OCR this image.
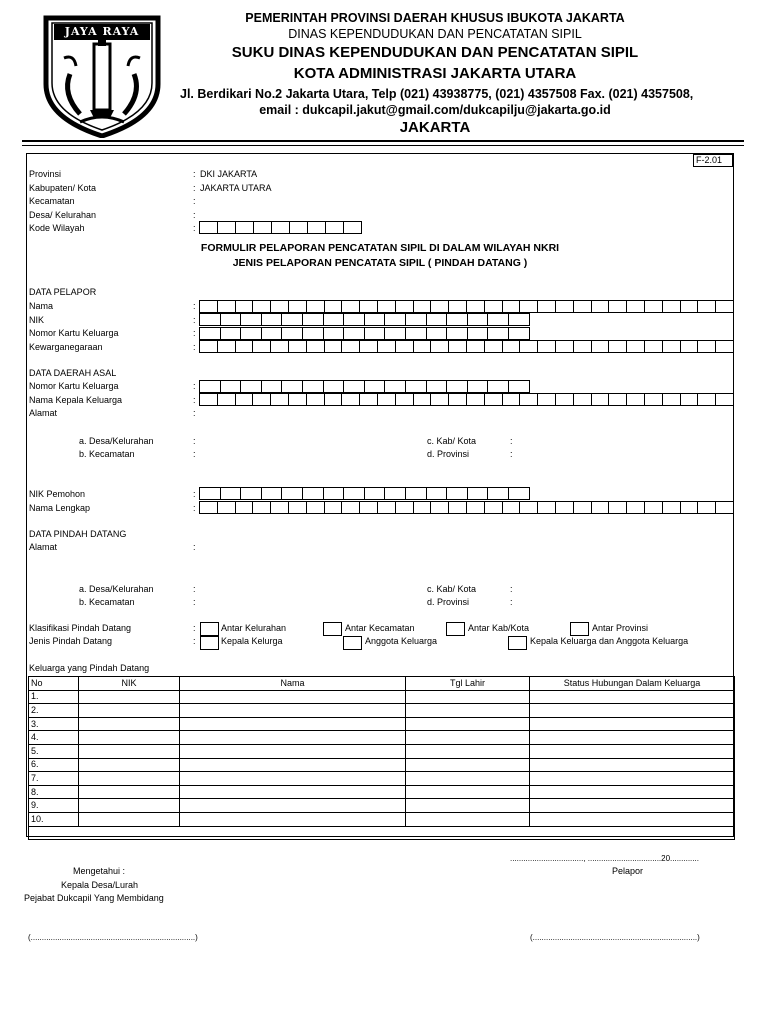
JAYA RAYA
PEMERINTAH PROVINSI DAERAH KHUSUS IBUKOTA JAKARTA
DINAS KEPENDUDUKAN DAN PENCATATAN SIPIL
SUKU DINAS KEPENDUDUKAN DAN PENCATATAN SIPIL
KOTA ADMINISTRASI JAKARTA UTARA
Jl. Berdikari No.2 Jakarta Utara, Telp (021) 43938775, (021) 4357508 Fax. (021) 4357508,
email : dukcapil.jakut@gmail.com/dukcapilju@jakarta.go.id
JAKARTA
F-2.01
Provinsi	: DKI JAKARTA
Kabupaten/ Kota	: JAKARTA UTARA
Kecamatan	:
Desa/ Kelurahan	:
Kode Wilayah	:
FORMULIR PELAPORAN PENCATATAN SIPIL DI DALAM WILAYAH NKRI
JENIS PELAPORAN PENCATATA SIPIL ( PINDAH DATANG )
DATA PELAPOR
Nama	:
NIK	:
Nomor Kartu Keluarga	:
Kewarganegaraan	:
DATA DAERAH ASAL
Nomor Kartu Keluarga	:
Nama Kepala Keluarga	:
Alamat	:
a. Desa/Kelurahan	:	c. Kab/ Kota	:
b. Kecamatan	:	d. Provinsi	:
NIK Pemohon	:
Nama Lengkap	:
DATA PINDAH DATANG
Alamat	:
a. Desa/Kelurahan	:	c. Kab/ Kota	:
b. Kecamatan	:	d. Provinsi	:
Klasifikasi Pindah Datang	:	Antar Kelurahan	Antar Kecamatan	Antar Kab/Kota	Antar Provinsi
Jenis Pindah Datang	:	Kepala Kelurga	Anggota Keluarga	Kepala Keluarga dan Anggota Keluarga
Keluarga yang Pindah Datang
No	NIK	Nama	Tgl Lahir	Status Hubungan Dalam Keluarga
1.				
2.				
3.				
4.				
5.				
6.				
7.				
8.				
9.				
10.				

................................., .................................20.............
Pelapor
Mengetahui :
Kepala Desa/Lurah
Pejabat Dukcapil Yang Membidang
(..........................................................................)	(..........................................................................)
